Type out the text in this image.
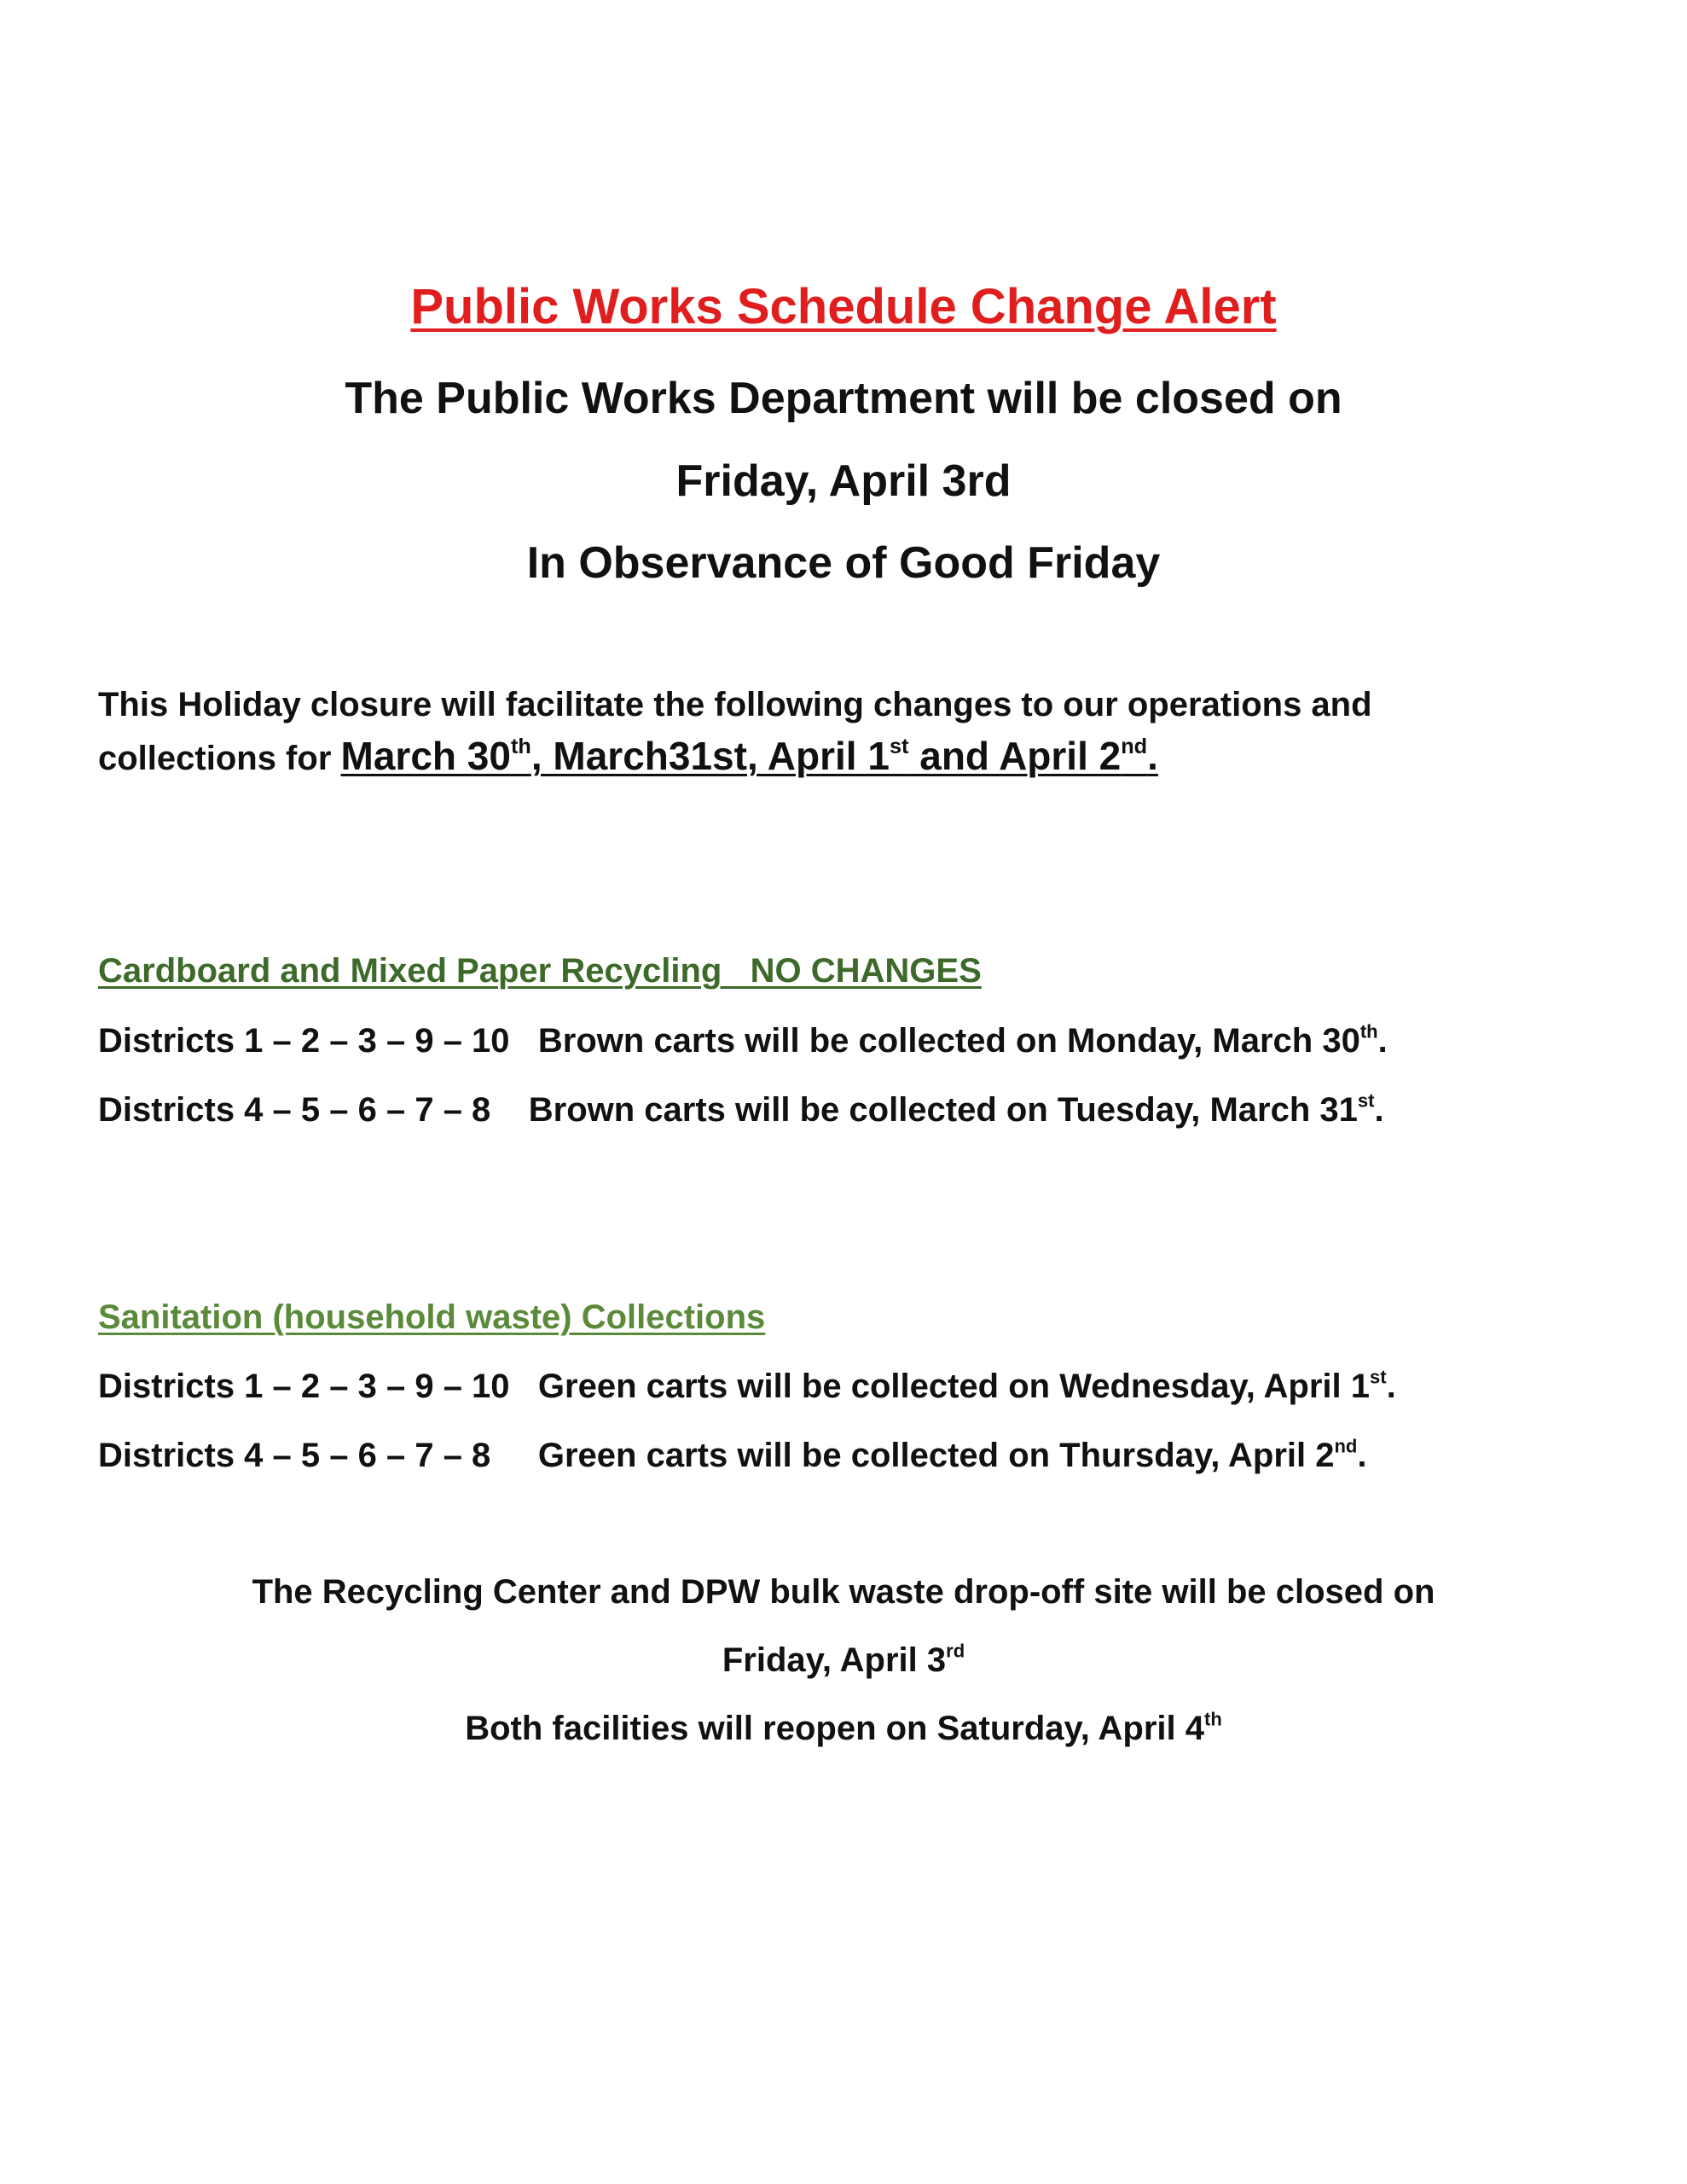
Public Works Schedule Change Alert
The Public Works Department will be closed on
Friday, April 3rd
In Observance of Good Friday
This Holiday closure will facilitate the following changes to our operations and
collections for March 30th, March31st, April 1st and April 2nd.
Cardboard and Mixed Paper Recycling   NO CHANGES
Districts 1 – 2 – 3 – 9 – 10 Brown carts will be collected on Monday, March 30th.
Districts 4 – 5 – 6 – 7 – 8 Brown carts will be collected on Tuesday, March 31st.
Sanitation (household waste) Collections
Districts 1 – 2 – 3 – 9 – 10 Green carts will be collected on Wednesday, April 1st.
Districts 4 – 5 – 6 – 7 – 8 Green carts will be collected on Thursday, April 2nd.
The Recycling Center and DPW bulk waste drop-off site will be closed on
Friday, April 3rd
Both facilities will reopen on Saturday, April 4th
